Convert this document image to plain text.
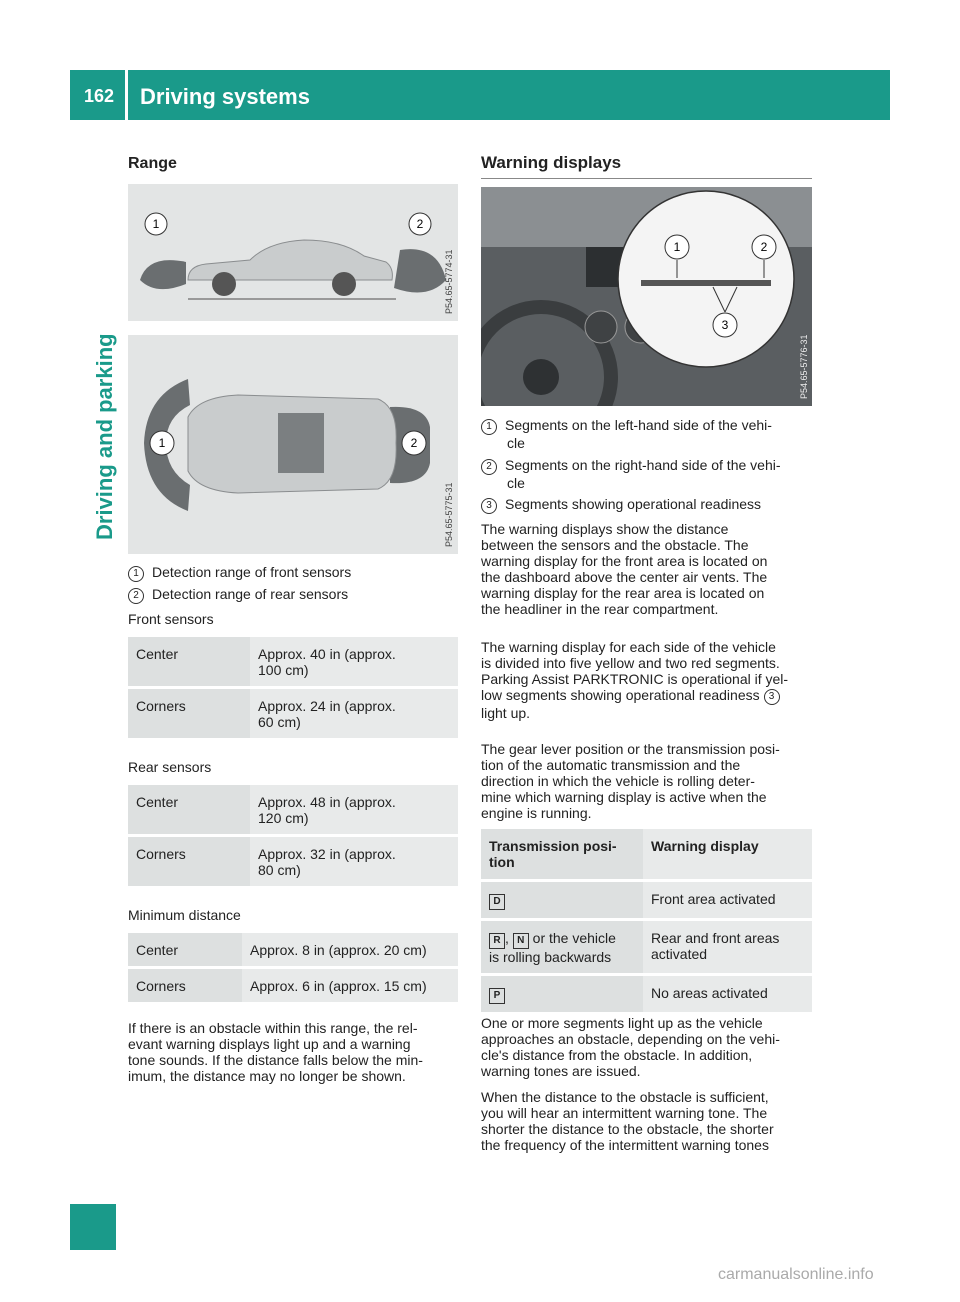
162 Driving systems
Driving and parking
Range
1	2
P54.65-5774-31
1	2
P54.65-5775-31
1 Detection range of front sensors
2 Detection range of rear sensors
Front sensors
Center	Approx. 40 in (approx.
100 cm)
Corners	Approx. 24 in (approx.
60 cm)
Rear sensors
Center	Approx. 48 in (approx.
120 cm)
Corners	Approx. 32 in (approx.
80 cm)
Minimum distance
Center	Approx. 8 in (approx. 20 cm)
Corners	Approx. 6 in (approx. 15 cm)
If there is an obstacle within this range, the rel-
evant warning displays light up and a warning
tone sounds. If the distance falls below the min-
imum, the distance may no longer be shown.
Warning displays
1	2
3
P54.65-5776-31
1 Segments on the left-hand side of the vehi-
cle
2 Segments on the right-hand side of the vehi-
cle
3 Segments showing operational readiness
The warning displays show the distance
between the sensors and the obstacle. The
warning display for the front area is located on
the dashboard above the center air vents. The
warning display for the rear area is located on
the headliner in the rear compartment.
The warning display for each side of the vehicle
is divided into five yellow and two red segments.
Parking Assist PARKTRONIC is operational if yel-
low segments showing operational readiness 3
light up.
The gear lever position or the transmission posi-
tion of the automatic transmission and the
direction in which the vehicle is rolling deter-
mine which warning display is active when the
engine is running.
Transmission posi-
tion	Warning display
D	Front area activated
R , N or the vehicle
is rolling backwards	Rear and front areas
activated
P	No areas activated
One or more segments light up as the vehicle
approaches an obstacle, depending on the vehi-
cle's distance from the obstacle. In addition,
warning tones are issued.
When the distance to the obstacle is sufficient,
you will hear an intermittent warning tone. The
shorter the distance to the obstacle, the shorter
the frequency of the intermittent warning tones
carmanualsonline.info
